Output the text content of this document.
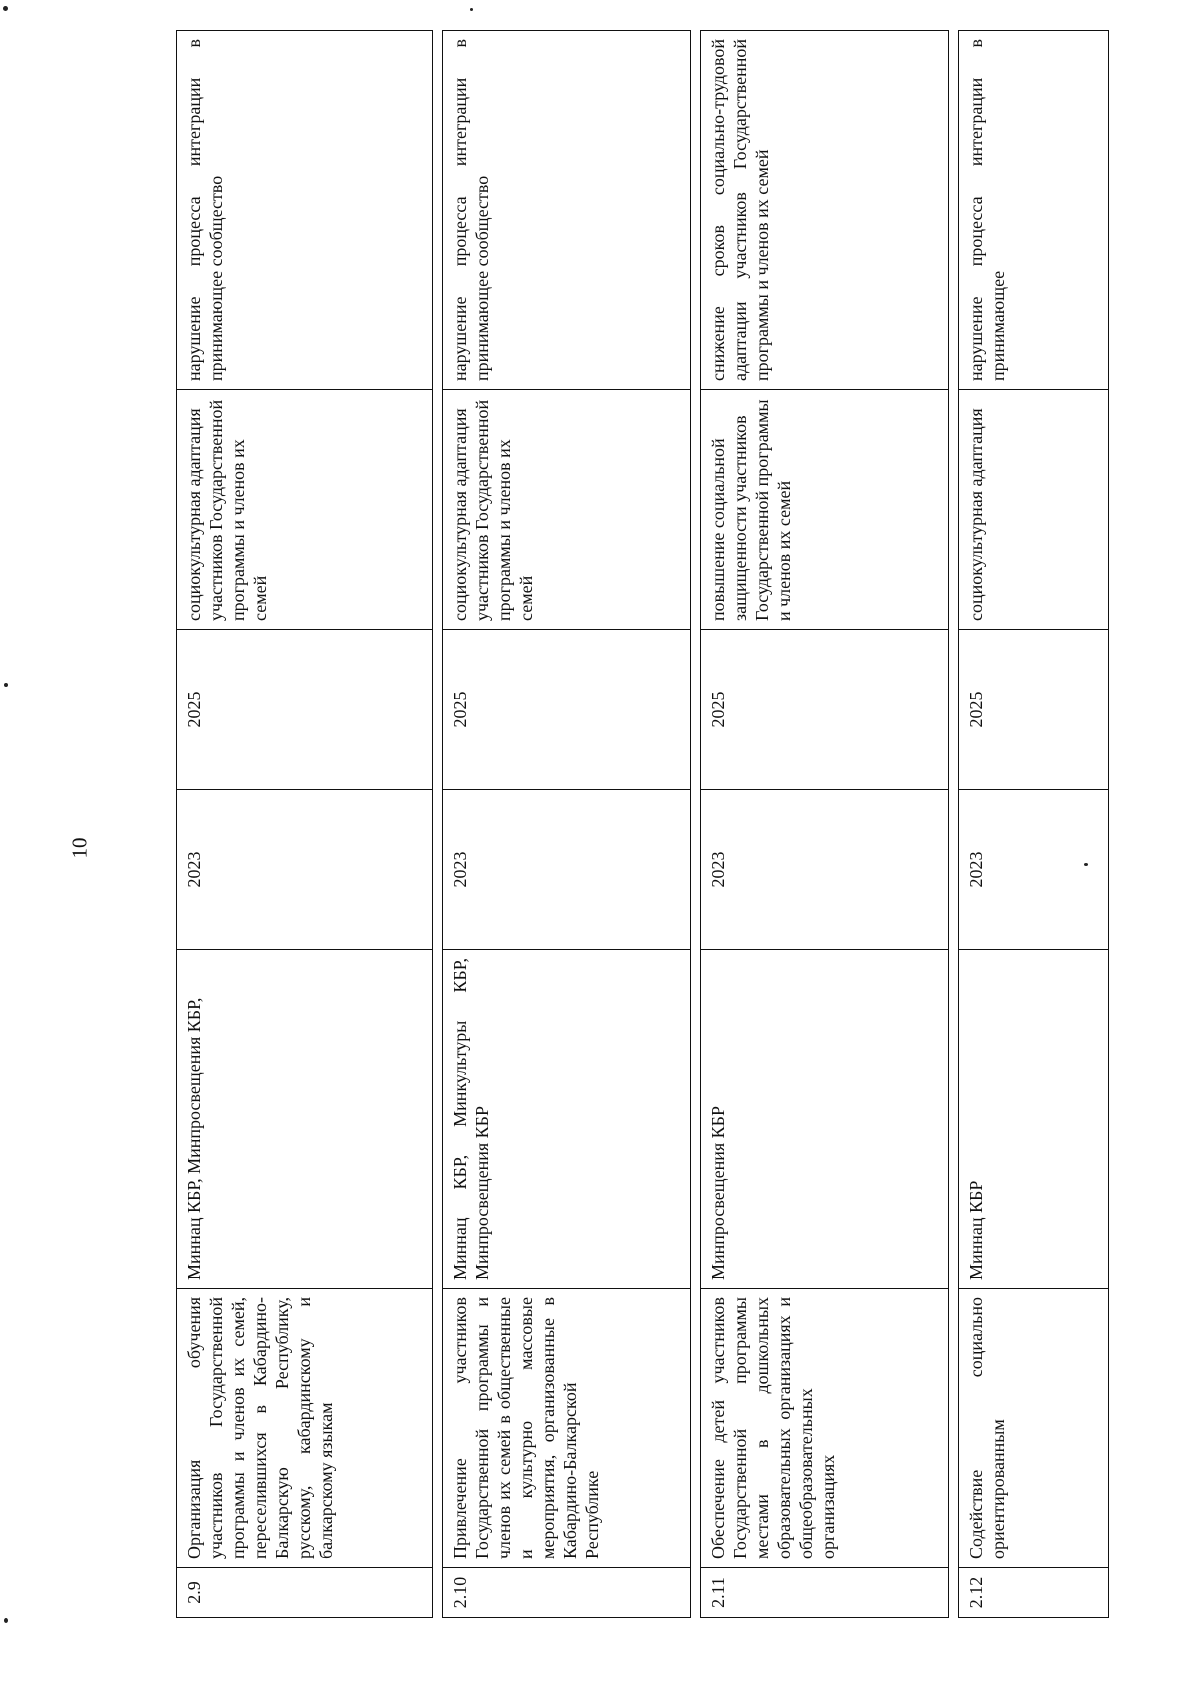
10
2.9	Организация обучения участников Государственной программы и членов их семей, переселившихся в Кабардино-Балкарскую Республику, русскому, кабардинскому и балкарскому языкам	Миннац КБР, Минпросвещения КБР,	2023	2025	социокультурная адаптация участников Государственной программы и членов их семей	нарушение процесса интеграции в принимающее сообщество

2.10	Привлечение участников Государственной программы и членов их семей в общественные и культурно массовые мероприятия, организованные в Кабардино-Балкарской Республике	Миннац КБР, Минкультуры КБР, Минпросвещения КБР	2023	2025	социокультурная адаптация участников Государственной программы и членов их семей	нарушение процесса интеграции в принимающее сообщество

2.11	Обеспечение детей участников Государственной программы местами в дошкольных образовательных организациях и общеобразовательных организациях	Минпросвещения КБР	2023	2025	повышение социальной защищенности участников Государственной программы и членов их семей	снижение сроков социально-трудовой адаптации участников Государственной программы и членов их семей

2.12	Содействие социально ориентированным	Миннац КБР	2023	2025	социокультурная адаптация	нарушение процесса интеграции в принимающее
